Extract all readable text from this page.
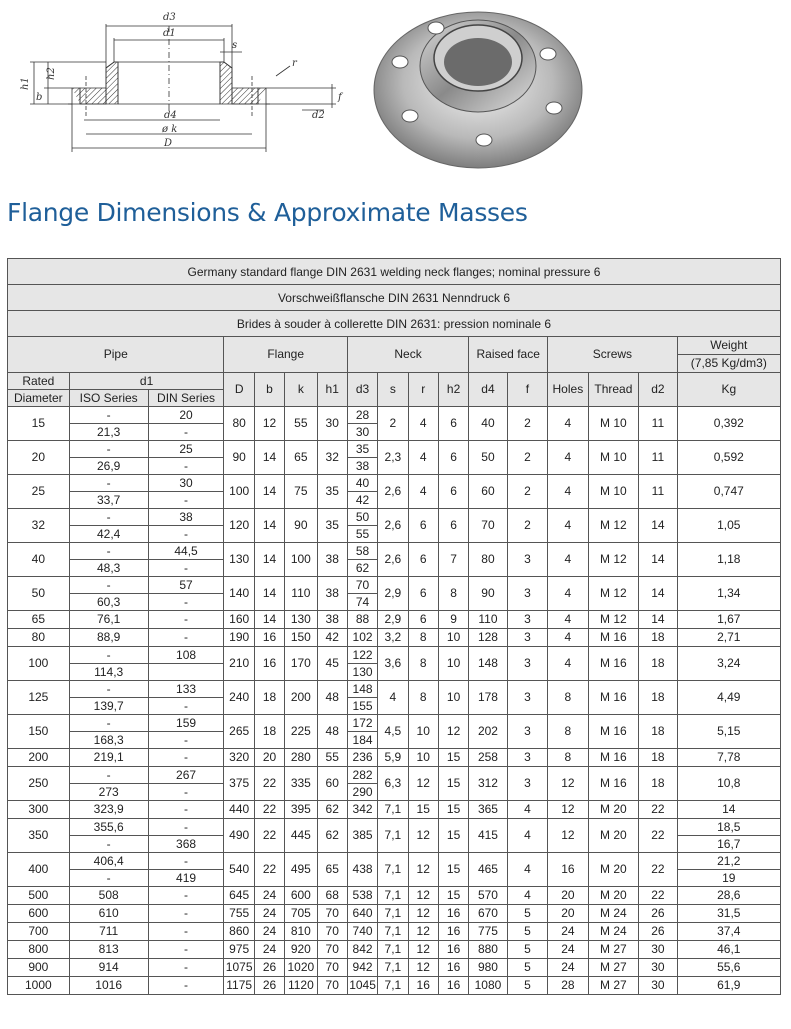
d3
d1
s
r
h1
h2
b	f
d4	d2
ø k
D
Flange Dimensions & Approximate Masses
Germany standard flange DIN 2631 welding neck flanges; nominal pressure 6																
Vorschweißflansche DIN 2631 Nenndruck 6																
Brides à souder à collerette DIN 2631: pression nominale 6																
Pipe			Flange				Neck				Raised face		Screws			Weight
(7,85 Kg/dm3)

Rated	d1		D	b	k	h1	d3	s	r	h2	d4	f	Holes	Thread	d2	Kg
Diameter	ISO Series	DIN Series														
15	-	20	80	12	55	30	28	2	4	6	40	2	4	M 10	11	0,392
	21,3	-					30									
20	-	25	90	14	65	32	35	2,3	4	6	50	2	4	M 10	11	0,592
	26,9	-					38									
25	-	30	100	14	75	35	40	2,6	4	6	60	2	4	M 10	11	0,747
	33,7	-					42									
32	-	38	120	14	90	35	50	2,6	6	6	70	2	4	M 12	14	1,05
	42,4	-					55									
40	-	44,5	130	14	100	38	58	2,6	6	7	80	3	4	M 12	14	1,18
	48,3	-					62									
50	-	57	140	14	110	38	70	2,9	6	8	90	3	4	M 12	14	1,34
	60,3	-					74									
65	76,1	-	160	14	130	38	88	2,9	6	9	110	3	4	M 12	14	1,67
80	88,9	-	190	16	150	42	102	3,2	8	10	128	3	4	M 16	18	2,71
100	-	108	210	16	170	45	122	3,6	8	10	148	3	4	M 16	18	3,24
	114,3						130									
125	-	133	240	18	200	48	148	4	8	10	178	3	8	M 16	18	4,49
	139,7	-					155									
150	-	159	265	18	225	48	172	4,5	10	12	202	3	8	M 16	18	5,15
	168,3	-					184									
200	219,1	-	320	20	280	55	236	5,9	10	15	258	3	8	M 16	18	7,78
250	-	267	375	22	335	60	282	6,3	12	15	312	3	12	M 16	18	10,8
	273	-					290									
300	323,9	-	440	22	395	62	342	7,1	15	15	365	4	12	M 20	22	14
350	355,6	-	490	22	445	62	385	7,1	12	15	415	4	12	M 20	22	18,5
	-	368														16,7
400	406,4	-	540	22	495	65	438	7,1	12	15	465	4	16	M 20	22	21,2
	-	419														19
500	508	-	645	24	600	68	538	7,1	12	15	570	4	20	M 20	22	28,6
600	610	-	755	24	705	70	640	7,1	12	16	670	5	20	M 24	26	31,5
700	711	-	860	24	810	70	740	7,1	12	16	775	5	24	M 24	26	37,4
800	813	-	975	24	920	70	842	7,1	12	16	880	5	24	M 27	30	46,1
900	914	-	1075	26	1020	70	942	7,1	12	16	980	5	24	M 27	30	55,6
1000	1016	-	1175	26	1120	70	1045	7,1	16	16	1080	5	28	M 27	30	61,9
